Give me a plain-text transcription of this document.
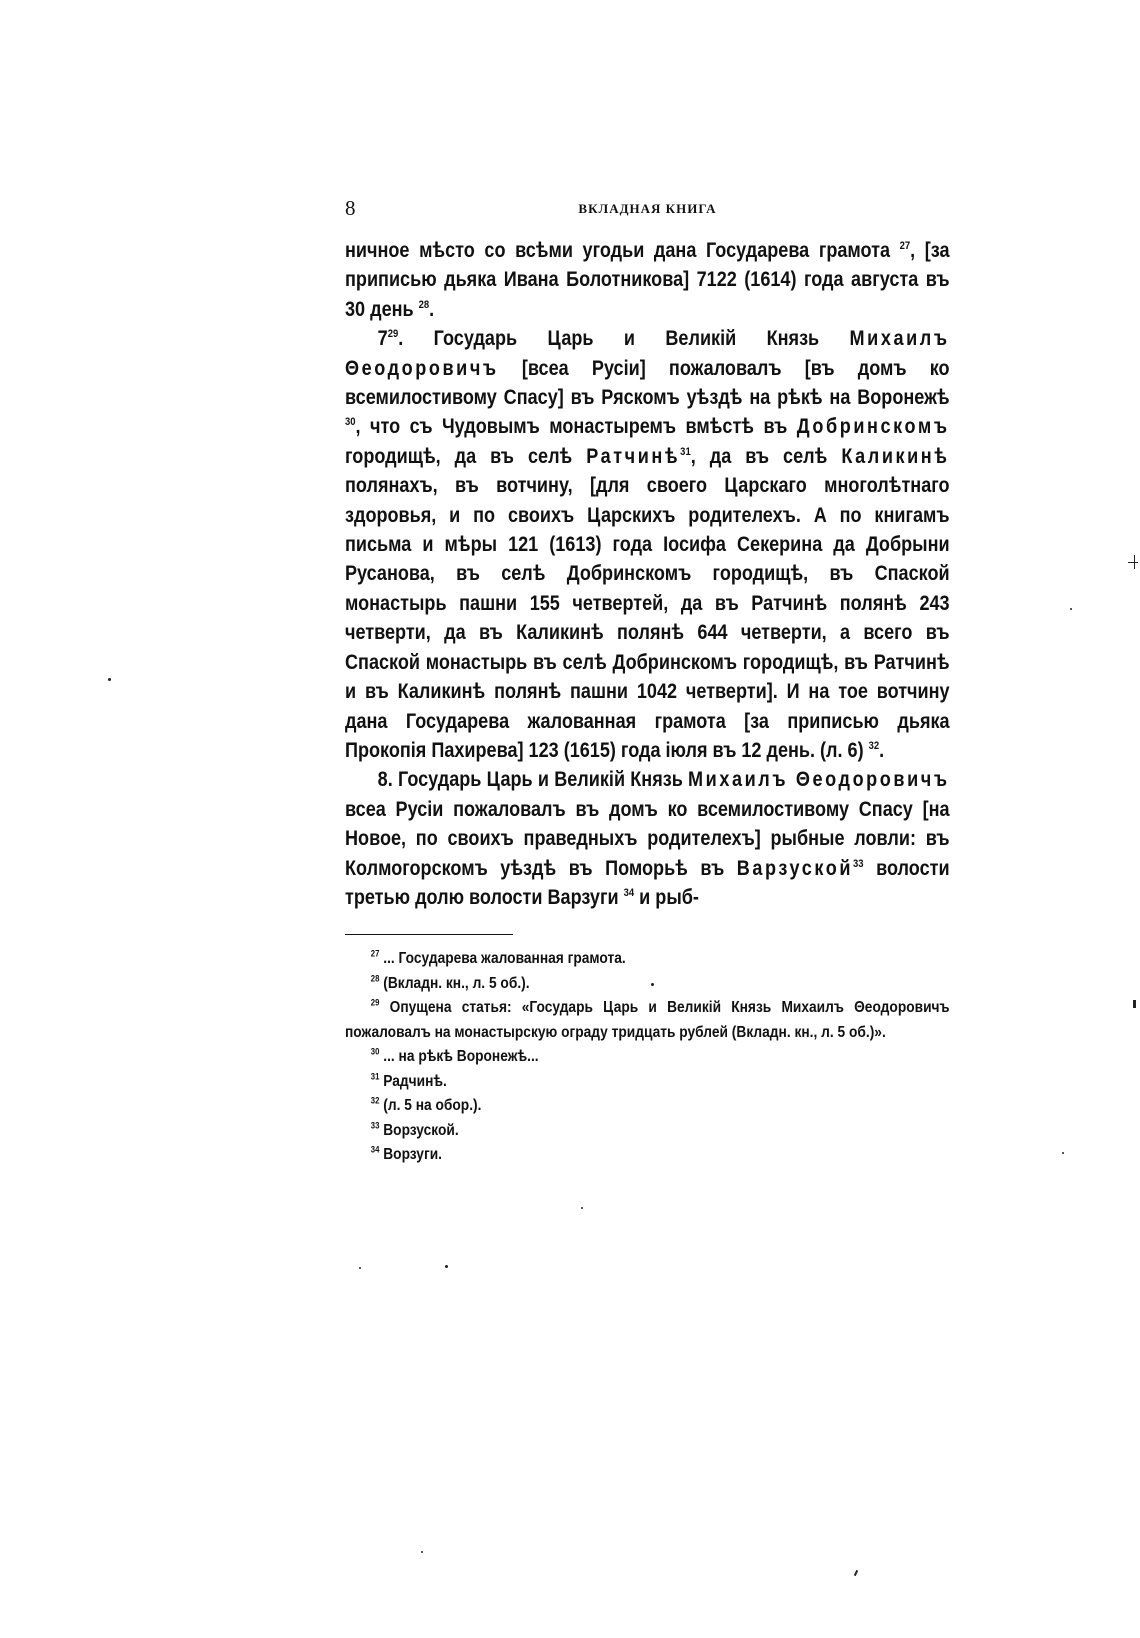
8	ВКЛАДНАЯ КНИГА

ничное мѣсто со всѣми угодьи дана Государева грамота $^{27}$, [за приписью дьяка Ивана Болотникова] 7122 (1614) года августа въ 30 день $^{28}$.

$7^{29}$. Государь Царь и Великій Князь Михаилъ Θеодоровичъ [всеа Русіи] пожаловалъ [въ домъ ко всемилостивому Спасу] въ Ряскомъ уѣздѣ на рѣкѣ на Воронежѣ $^{30}$, что съ Чудовымъ монастыремъ вмѣстѣ въ Добринскомъ городищѣ, да въ селѣ Ратчинѣ$^{31}$, да въ селѣ Каликинѣ полянахъ, въ вотчину, [для своего Царскаго многолѣтнаго здоровья, и по своихъ Царскихъ родителехъ. А по книгамъ письма и мѣры 121 (1613) года Іосифа Секерина да Добрыни Русанова, въ селѣ Добринскомъ городищѣ, въ Спаской монастырь пашни 155 четвертей, да въ Ратчинѣ полянѣ 243 четверти, да въ Каликинѣ полянѣ 644 четверти, а всего въ Спаской монастырь въ селѣ Добринскомъ городищѣ, въ Ратчинѣ и въ Каликинѣ полянѣ пашни 1042 четверти]. И на тое вотчину дана Государева жалованная грамота [за приписью дьяка Прокопія Пахирева] 123 (1615) года іюля въ 12 день. (л. 6) $^{32}$.

8. Государь Царь и Великій Князь Михаилъ Θеодоровичъ всеа Русіи пожаловалъ въ домъ ко всемилостивому Спасу [на Новое, по своихъ праведныхъ родителехъ] рыбные ловли: въ Колмогорскомъ уѣздѣ въ Поморьѣ въ Варзуской$^{33}$ волости третью долю волости Варзуги $^{34}$ и рыб-

$^{27}$ ... Государева жалованная грамота.

$^{28}$ (Вкладн. кн., л. 5 об.).

$^{29}$ Опущена статья: «Государь Царь и Великій Князь Михаилъ Θеодоровичъ пожаловалъ на монастырскую ограду тридцать рублей (Вкладн. кн., л. 5 об.)».

$^{30}$ ... на рѣкѣ Воронежѣ...

$^{31}$ Радчинѣ.

$^{32}$ (л. 5 на обор.).

$^{33}$ Ворзуской.

$^{34}$ Ворзуги.
